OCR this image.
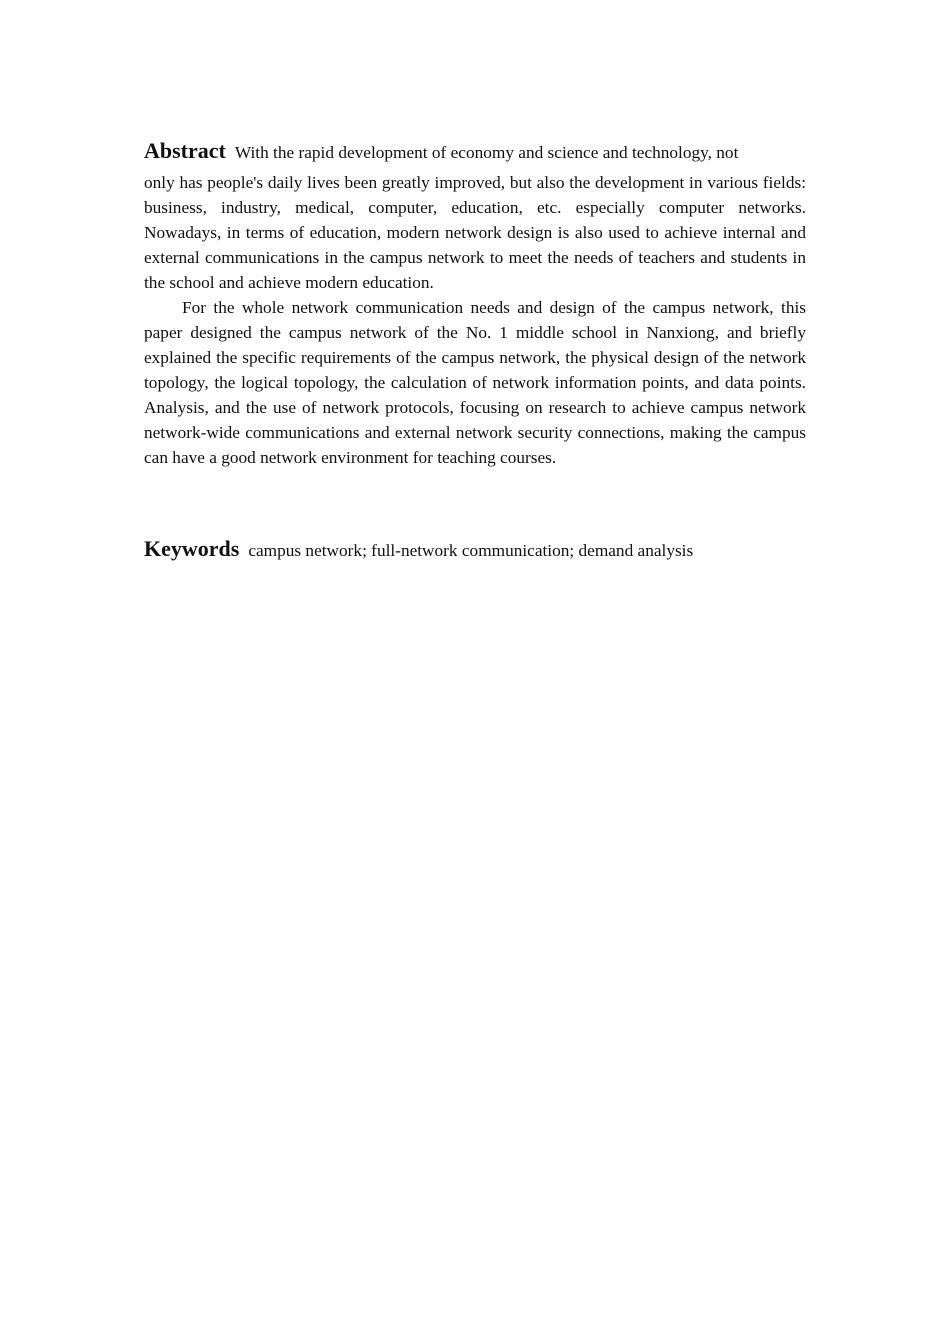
Abstract With the rapid development of economy and science and technology, not

only has people's daily lives been greatly improved, but also the development in various fields: business, industry, medical, computer, education, etc. especially computer networks. Nowadays, in terms of education, modern network design is also used to achieve internal and external communications in the campus network to meet the needs of teachers and students in the school and achieve modern education.

For the whole network communication needs and design of the campus network, this paper designed the campus network of the No. 1 middle school in Nanxiong, and briefly explained the specific requirements of the campus network, the physical design of the network topology, the logical topology, the calculation of network information points, and data points. Analysis, and the use of network protocols, focusing on research to achieve campus network network-wide communications and external network security connections, making the campus can have a good network environment for teaching courses.

Keywords campus network; full-network communication; demand analysis
